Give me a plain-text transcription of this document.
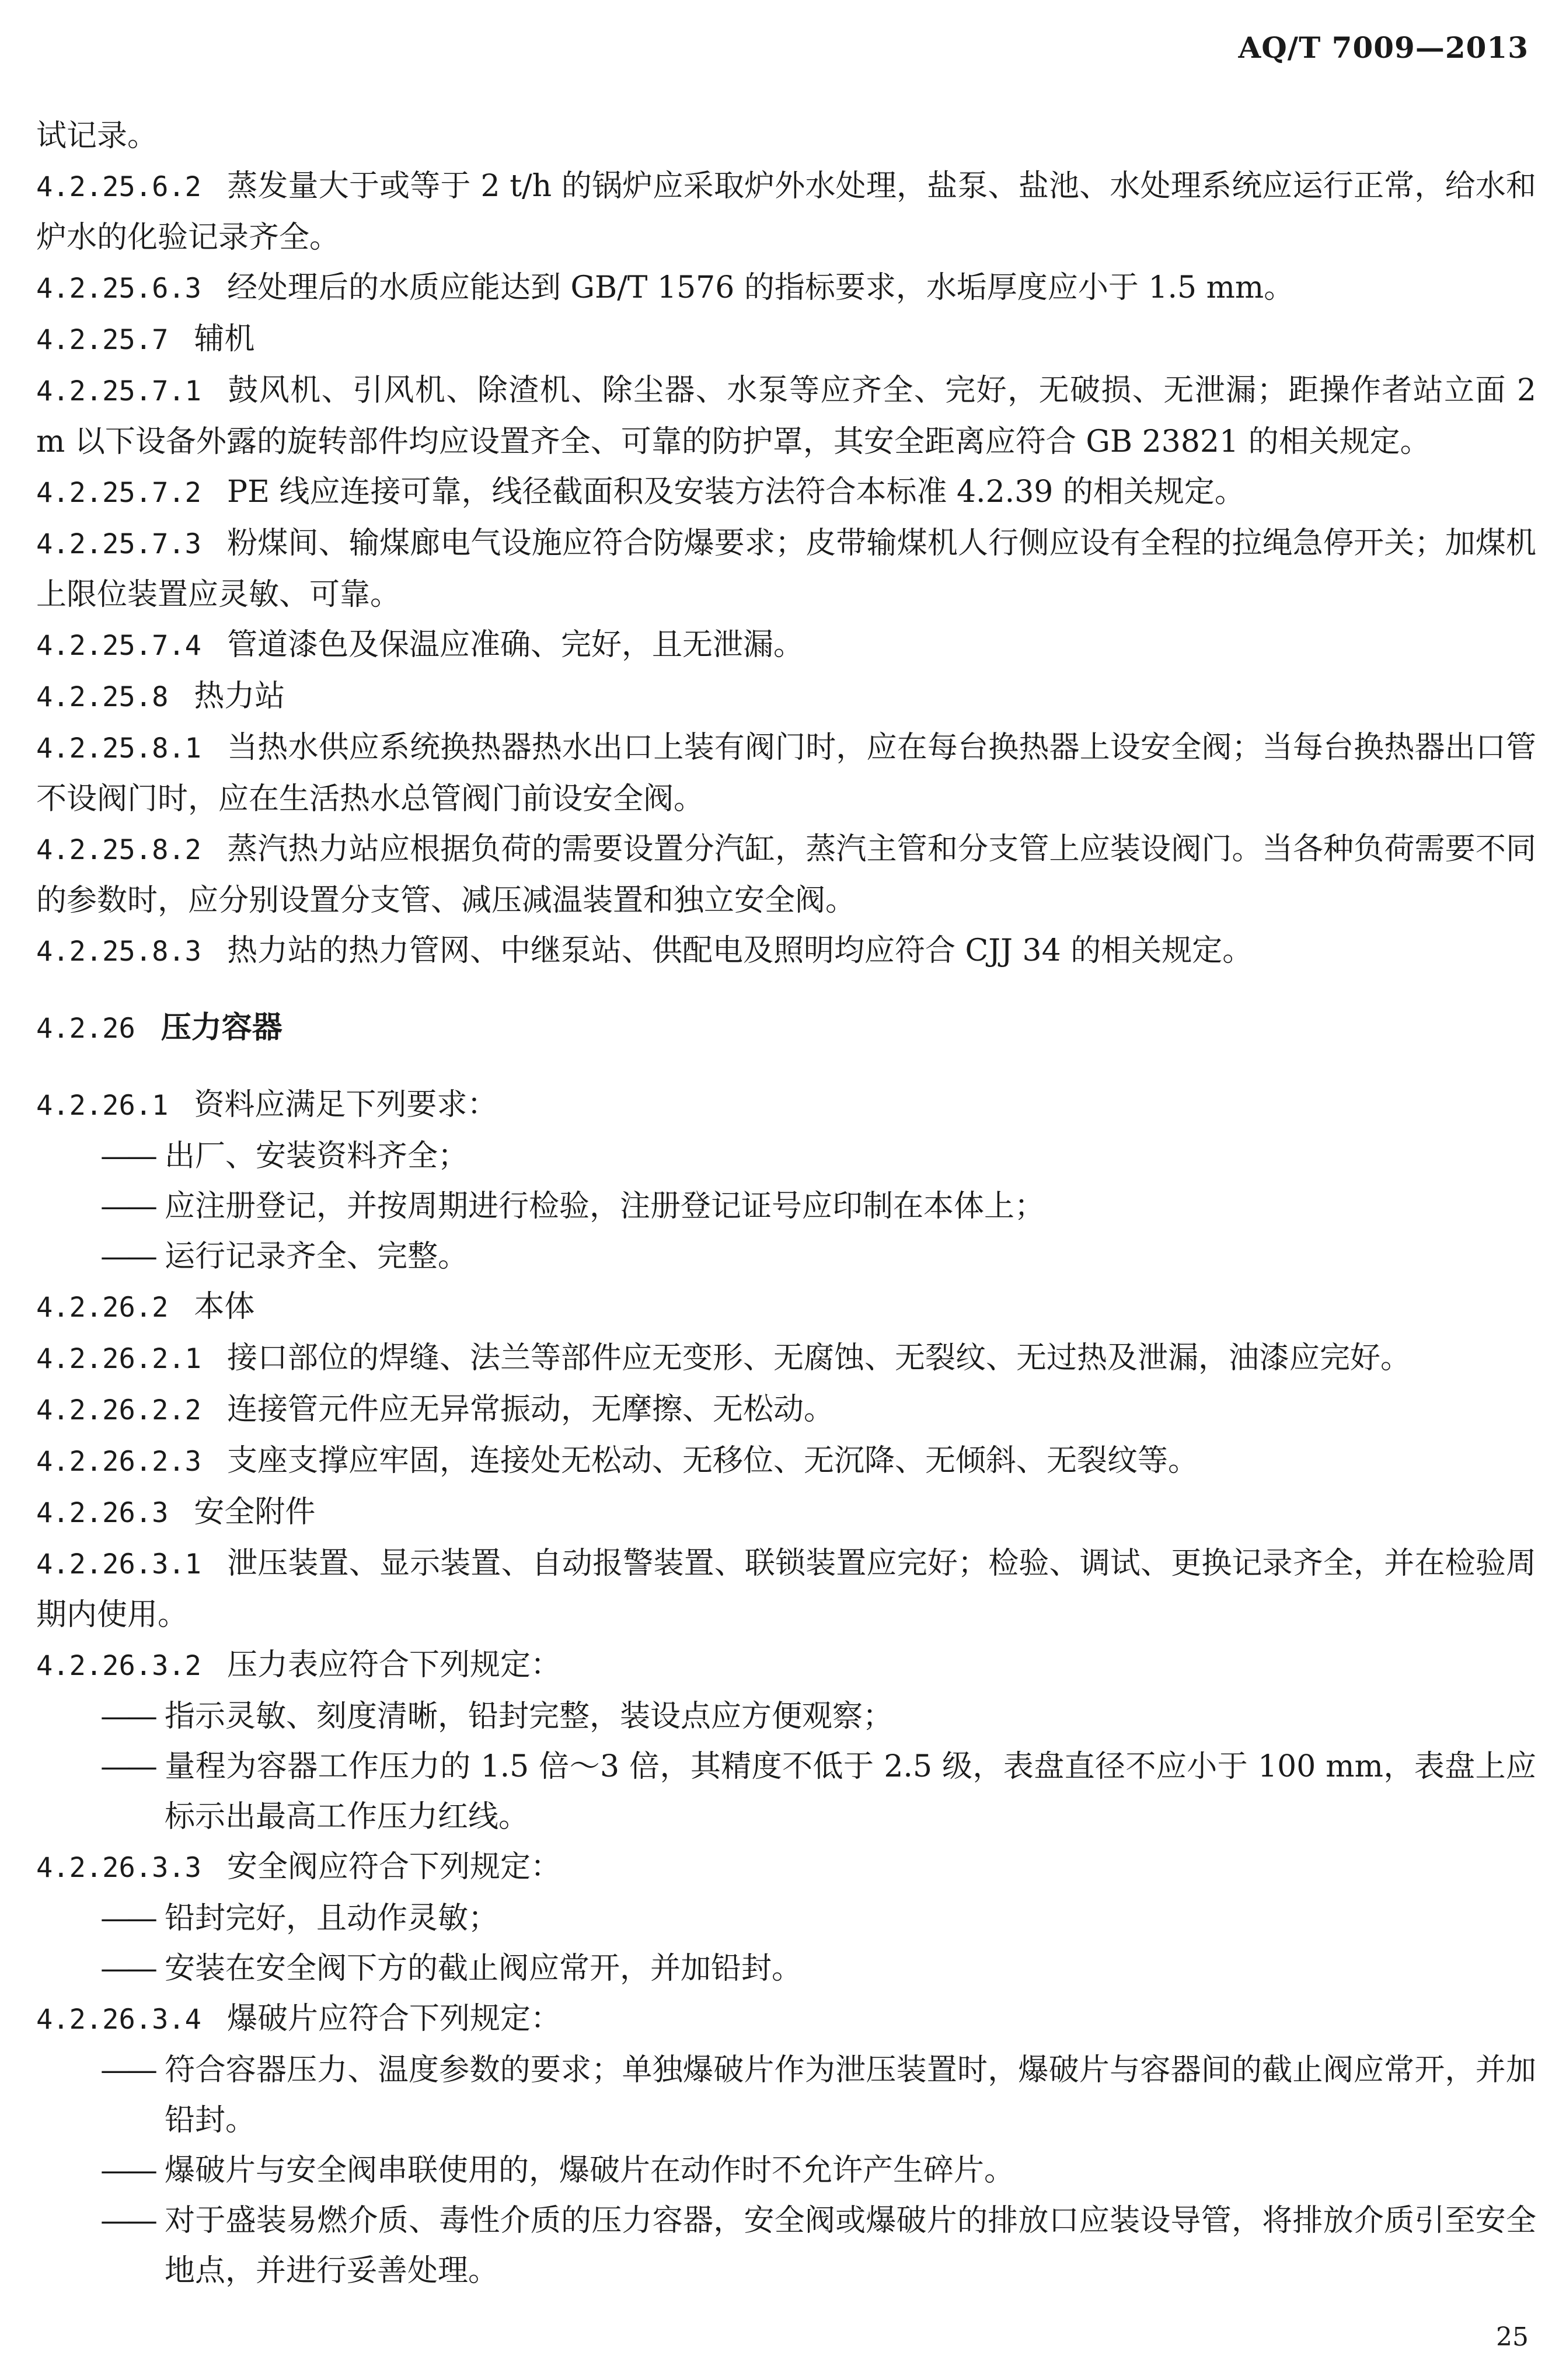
AQ/T 7009—2013

试记录。

4.2.25.6.2 蒸发量大于或等于 2 t/h 的锅炉应采取炉外水处理，盐泵、盐池、水处理系统应运行正常，给水和炉水的化验记录齐全。

4.2.25.6.3 经处理后的水质应能达到 GB/T 1576 的指标要求，水垢厚度应小于 1.5 mm。

4.2.25.7 辅机

4.2.25.7.1 鼓风机、引风机、除渣机、除尘器、水泵等应齐全、完好，无破损、无泄漏；距操作者站立面 2 m 以下设备外露的旋转部件均应设置齐全、可靠的防护罩，其安全距离应符合 GB 23821 的相关规定。

4.2.25.7.2 PE 线应连接可靠，线径截面积及安装方法符合本标准 4.2.39 的相关规定。

4.2.25.7.3 粉煤间、输煤廊电气设施应符合防爆要求；皮带输煤机人行侧应设有全程的拉绳急停开关；加煤机上限位装置应灵敏、可靠。

4.2.25.7.4 管道漆色及保温应准确、完好，且无泄漏。

4.2.25.8 热力站

4.2.25.8.1 当热水供应系统换热器热水出口上装有阀门时，应在每台换热器上设安全阀；当每台换热器出口管不设阀门时，应在生活热水总管阀门前设安全阀。

4.2.25.8.2 蒸汽热力站应根据负荷的需要设置分汽缸，蒸汽主管和分支管上应装设阀门。当各种负荷需要不同的参数时，应分别设置分支管、减压减温装置和独立安全阀。

4.2.25.8.3 热力站的热力管网、中继泵站、供配电及照明均应符合 CJJ 34 的相关规定。

4.2.26 压力容器

4.2.26.1 资料应满足下列要求：

—— 出厂、安装资料齐全；

—— 应注册登记，并按周期进行检验，注册登记证号应印制在本体上；

—— 运行记录齐全、完整。

4.2.26.2 本体

4.2.26.2.1 接口部位的焊缝、法兰等部件应无变形、无腐蚀、无裂纹、无过热及泄漏，油漆应完好。

4.2.26.2.2 连接管元件应无异常振动，无摩擦、无松动。

4.2.26.2.3 支座支撑应牢固，连接处无松动、无移位、无沉降、无倾斜、无裂纹等。

4.2.26.3 安全附件

4.2.26.3.1 泄压装置、显示装置、自动报警装置、联锁装置应完好；检验、调试、更换记录齐全，并在检验周期内使用。

4.2.26.3.2 压力表应符合下列规定：

—— 指示灵敏、刻度清晰，铅封完整，装设点应方便观察；

—— 量程为容器工作压力的 1.5 倍～3 倍，其精度不低于 2.5 级，表盘直径不应小于 100 mm，表盘上应标示出最高工作压力红线。

4.2.26.3.3 安全阀应符合下列规定：

—— 铅封完好，且动作灵敏；

—— 安装在安全阀下方的截止阀应常开，并加铅封。

4.2.26.3.4 爆破片应符合下列规定：

—— 符合容器压力、温度参数的要求；单独爆破片作为泄压装置时，爆破片与容器间的截止阀应常开，并加铅封。

—— 爆破片与安全阀串联使用的，爆破片在动作时不允许产生碎片。

—— 对于盛装易燃介质、毒性介质的压力容器，安全阀或爆破片的排放口应装设导管，将排放介质引至安全地点，并进行妥善处理。

25
